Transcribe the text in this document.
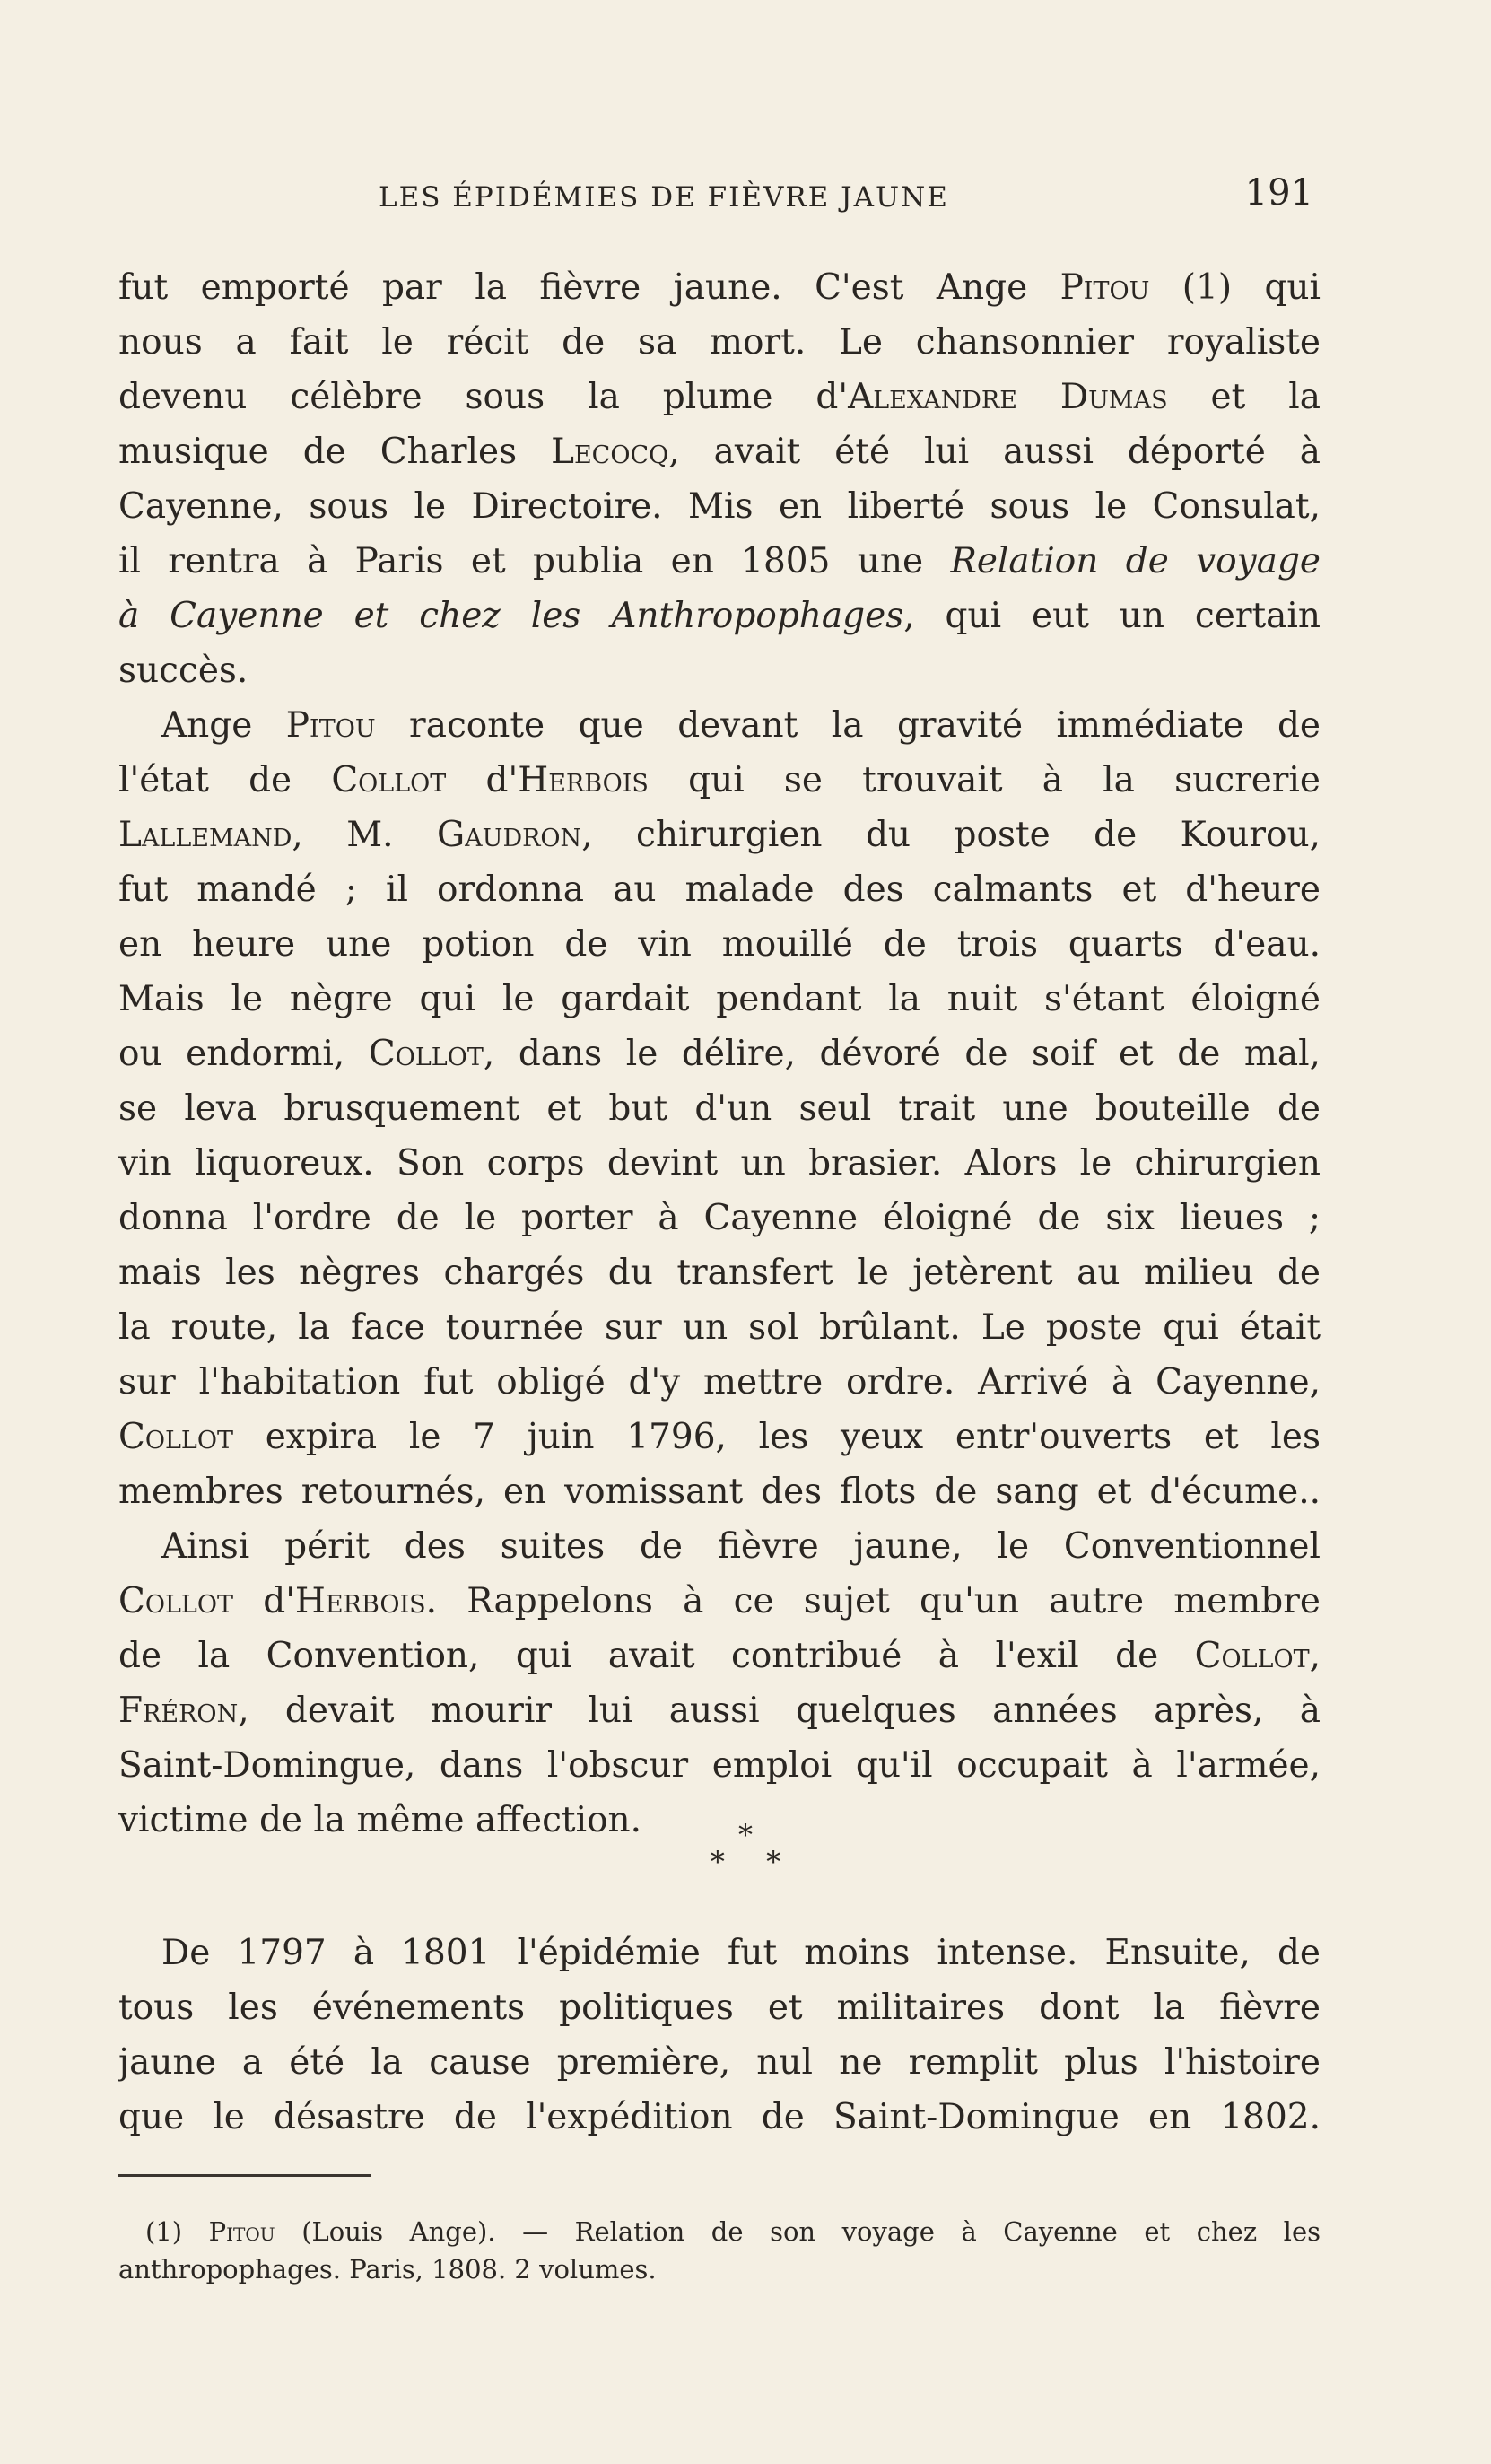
LES ÉPIDÉMIES DE FIÈVRE JAUNE	191
fut emporté par la fièvre jaune. C'est Ange Pitou (1) qui
nous a fait le récit de sa mort. Le chansonnier royaliste
devenu célèbre sous la plume d'Alexandre Dumas et la
musique de Charles Lecocq, avait été lui aussi déporté à
Cayenne, sous le Directoire. Mis en liberté sous le Consulat,
il rentra à Paris et publia en 1805 une Relation de voyage
à Cayenne et chez les Anthropophages, qui eut un certain
succès.
Ange Pitou raconte que devant la gravité immédiate de
l'état de Collot d'Herbois qui se trouvait à la sucrerie
Lallemand, M. Gaudron, chirurgien du poste de Kourou,
fut mandé ; il ordonna au malade des calmants et d'heure
en heure une potion de vin mouillé de trois quarts d'eau.
Mais le nègre qui le gardait pendant la nuit s'étant éloigné
ou endormi, Collot, dans le délire, dévoré de soif et de mal,
se leva brusquement et but d'un seul trait une bouteille de
vin liquoreux. Son corps devint un brasier. Alors le chirurgien
donna l'ordre de le porter à Cayenne éloigné de six lieues ;
mais les nègres chargés du transfert le jetèrent au milieu de
la route, la face tournée sur un sol brûlant. Le poste qui était
sur l'habitation fut obligé d'y mettre ordre. Arrivé à Cayenne,
Collot expira le 7 juin 1796, les yeux entr'ouverts et les
membres retournés, en vomissant des flots de sang et d'écume..
Ainsi périt des suites de fièvre jaune, le Conventionnel
Collot d'Herbois. Rappelons à ce sujet qu'un autre membre
de la Convention, qui avait contribué à l'exil de Collot,
Fréron, devait mourir lui aussi quelques années après, à
Saint-Domingue, dans l'obscur emploi qu'il occupait à l'armée,
victime de la même affection.	*
* *
De 1797 à 1801 l'épidémie fut moins intense. Ensuite, de
tous les événements politiques et militaires dont la fièvre
jaune a été la cause première, nul ne remplit plus l'histoire
que le désastre de l'expédition de Saint-Domingue en 1802.
(1) Pitou (Louis Ange). — Relation de son voyage à Cayenne et chez les
anthropophages. Paris, 1808. 2 volumes.
